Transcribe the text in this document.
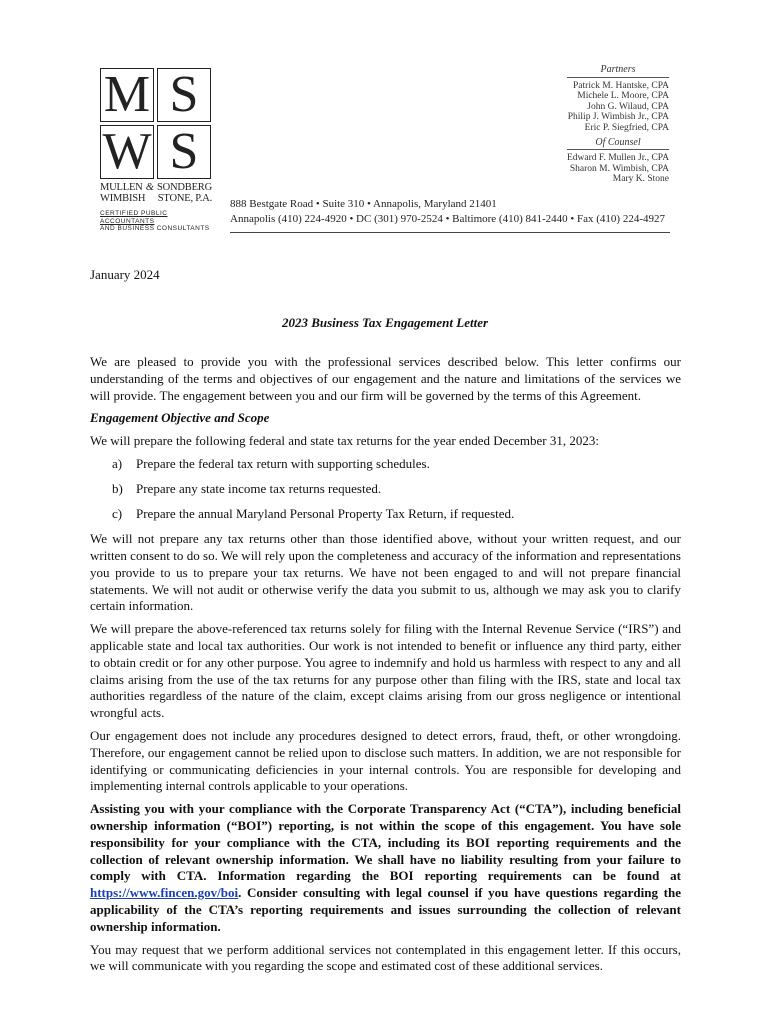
M S
W S
MULLEN & SONDBERG
WIMBISH STONE, P.A.
CERTIFIED PUBLIC ACCOUNTANTS
AND BUSINESS CONSULTANTS
Partners
Patrick M. Hantske, CPA
Michele L. Moore, CPA
John G. Wilaud, CPA
Philip J. Wimbish Jr., CPA
Eric P. Siegfried, CPA
Of Counsel
Edward F. Mullen Jr., CPA
Sharon M. Wimbish, CPA
Mary K. Stone
888 Bestgate Road • Suite 310 • Annapolis, Maryland 21401
Annapolis (410) 224-4920 • DC (301) 970-2524 • Baltimore (410) 841-2440 • Fax (410) 224-4927
January 2024
2023 Business Tax Engagement Letter

We are pleased to provide you with the professional services described below. This letter confirms our understanding of the terms and objectives of our engagement and the nature and limitations of the services we will provide. The engagement between you and our firm will be governed by the terms of this Agreement.

Engagement Objective and Scope

We will prepare the following federal and state tax returns for the year ended December 31, 2023:

a)	Prepare the federal tax return with supporting schedules.
b)	Prepare any state income tax returns requested.
c)	Prepare the annual Maryland Personal Property Tax Return, if requested.

We will not prepare any tax returns other than those identified above, without your written request, and our written consent to do so. We will rely upon the completeness and accuracy of the information and representations you provide to us to prepare your tax returns. We have not been engaged to and will not prepare financial statements. We will not audit or otherwise verify the data you submit to us, although we may ask you to clarify certain information.

We will prepare the above-referenced tax returns solely for filing with the Internal Revenue Service (“IRS”) and applicable state and local tax authorities. Our work is not intended to benefit or influence any third party, either to obtain credit or for any other purpose. You agree to indemnify and hold us harmless with respect to any and all claims arising from the use of the tax returns for any purpose other than filing with the IRS, state and local tax authorities regardless of the nature of the claim, except claims arising from our gross negligence or intentional wrongful acts.

Our engagement does not include any procedures designed to detect errors, fraud, theft, or other wrongdoing. Therefore, our engagement cannot be relied upon to disclose such matters. In addition, we are not responsible for identifying or communicating deficiencies in your internal controls. You are responsible for developing and implementing internal controls applicable to your operations.

Assisting you with your compliance with the Corporate Transparency Act (“CTA”), including beneficial ownership information (“BOI”) reporting, is not within the scope of this engagement. You have sole responsibility for your compliance with the CTA, including its BOI reporting requirements and the collection of relevant ownership information. We shall have no liability resulting from your failure to comply with CTA. Information regarding the BOI reporting requirements can be found at https://www.fincen.gov/boi. Consider consulting with legal counsel if you have questions regarding the applicability of the CTA’s reporting requirements and issues surrounding the collection of relevant ownership information.

You may request that we perform additional services not contemplated in this engagement letter. If this occurs, we will communicate with you regarding the scope and estimated cost of these additional services.
